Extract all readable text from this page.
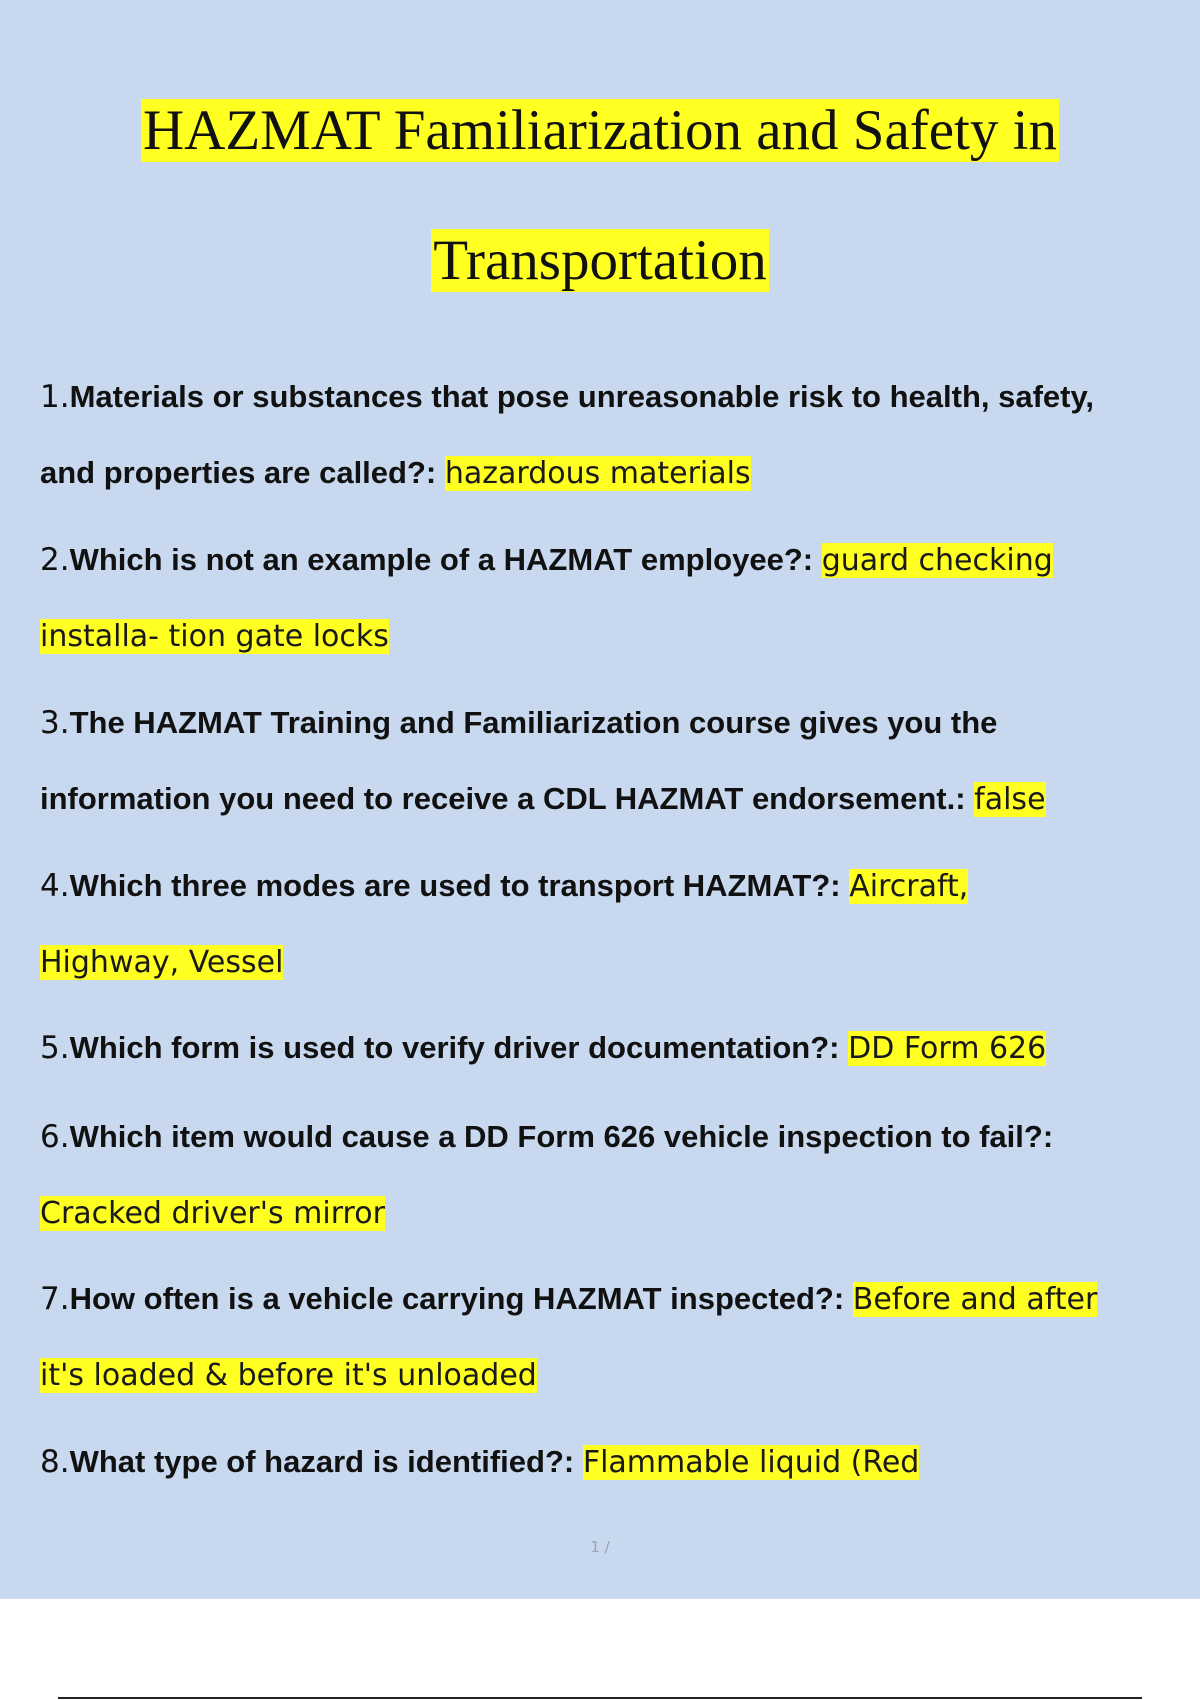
HAZMAT Familiarization and Safety in
Transportation
1.Materials or substances that pose unreasonable risk to health, safety,
and properties are called?: hazardous materials
2.Which is not an example of a HAZMAT employee?: guard checking
installa- tion gate locks
3.The HAZMAT Training and Familiarization course gives you the
information you need to receive a CDL HAZMAT endorsement.: false
4.Which three modes are used to transport HAZMAT?: Aircraft,
Highway, Vessel
5.Which form is used to verify driver documentation?: DD Form 626
6.Which item would cause a DD Form 626 vehicle inspection to fail?:
Cracked driver's mirror
7.How often is a vehicle carrying HAZMAT inspected?: Before and after
it's loaded & before it's unloaded
8.What type of hazard is identified?: Flammable liquid (Red
1 /
